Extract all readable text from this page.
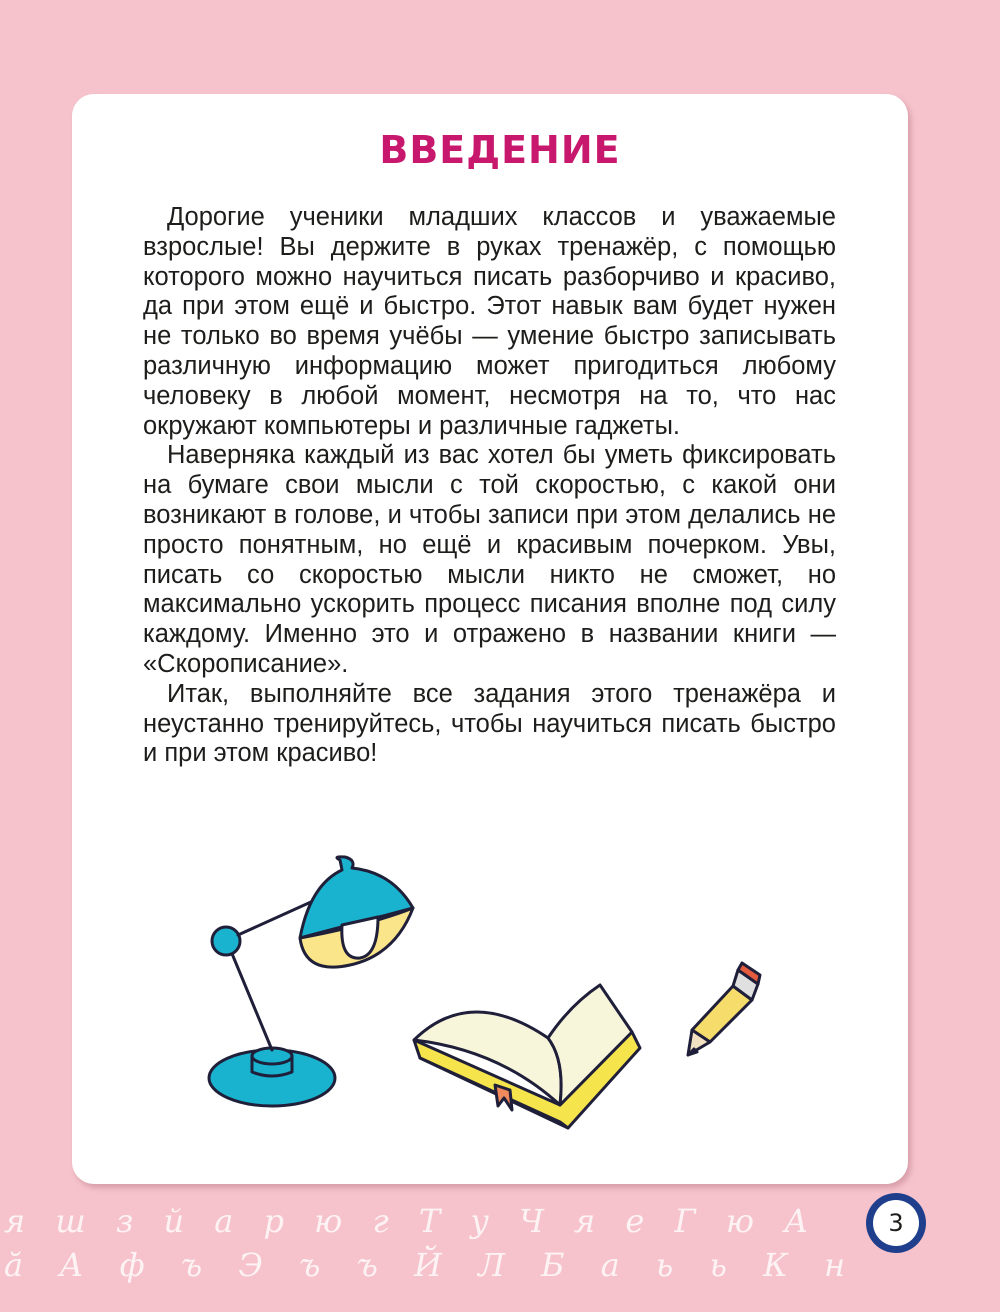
ВВЕДЕНИЕ

Дорогие ученики младших классов и уважаемые взрослые! Вы держите в руках тренажёр, с помощью которого можно научиться писать разборчиво и красиво, да при этом ещё и быстро. Этот навык вам будет нужен не только во время учёбы — умение быстро записывать различную информацию может пригодиться любому человеку в любой момент, несмотря на то, что нас окружают компьютеры и различные гаджеты.

Наверняка каждый из вас хотел бы уметь фиксировать на бумаге свои мысли с той скоростью, с какой они возникают в голове, и чтобы записи при этом делались не просто понятным, но ещё и красивым почерком. Увы, писать со скоростью мысли никто не сможет, но максимально ускорить процесс писания вполне под силу каждому. Именно это и отражено в названии книги — «Скорописание».

Итак, выполняйте все задания этого тренажёра и неустанно тренируйтесь, чтобы научиться писать быстро и при этом красиво!

я ш з й а р ю г Т у Ч я е Г ю А
ӑ А ф ъ Э ъ ъ Й Л Б а ь ь К н
3
